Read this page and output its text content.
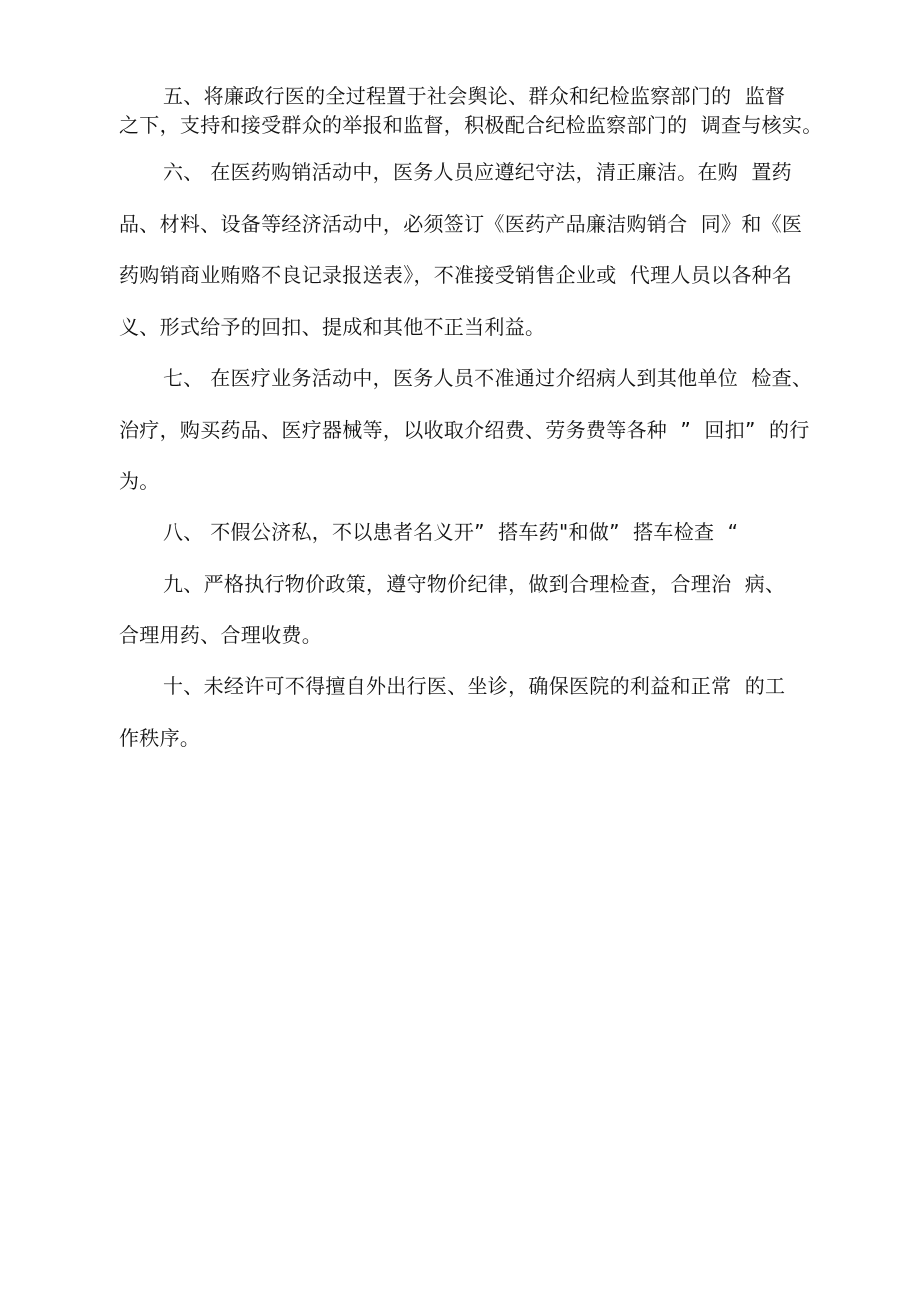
五、将廉政行医的全过程置于社会舆论、群众和纪检监察部门的  监督
之下，支持和接受群众的举报和监督，积极配合纪检监察部门的  调查与核实。
六、 在医药购销活动中，医务人员应遵纪守法，清正廉洁。在购  置药
品、材料、设备等经济活动中，必须签订《医药产品廉洁购销合  同》和《医
药购销商业贿赂不良记录报送表》，不准接受销售企业或  代理人员以各种名
义、形式给予的回扣、提成和其他不正当利益。
七、 在医疗业务活动中，医务人员不准通过介绍病人到其他单位  检查、
治疗，购买药品、医疗器械等，以收取介绍费、劳务费等各种  ”  回扣”  的行
为。
八、 不假公济私，不以患者名义开”  搭车药"和做”  搭车检查  “
九、严格执行物价政策，遵守物价纪律，做到合理检查，合理治  病、
合理用药、合理收费。
十、未经许可不得擅自外出行医、坐诊，确保医院的利益和正常  的工
作秩序。
